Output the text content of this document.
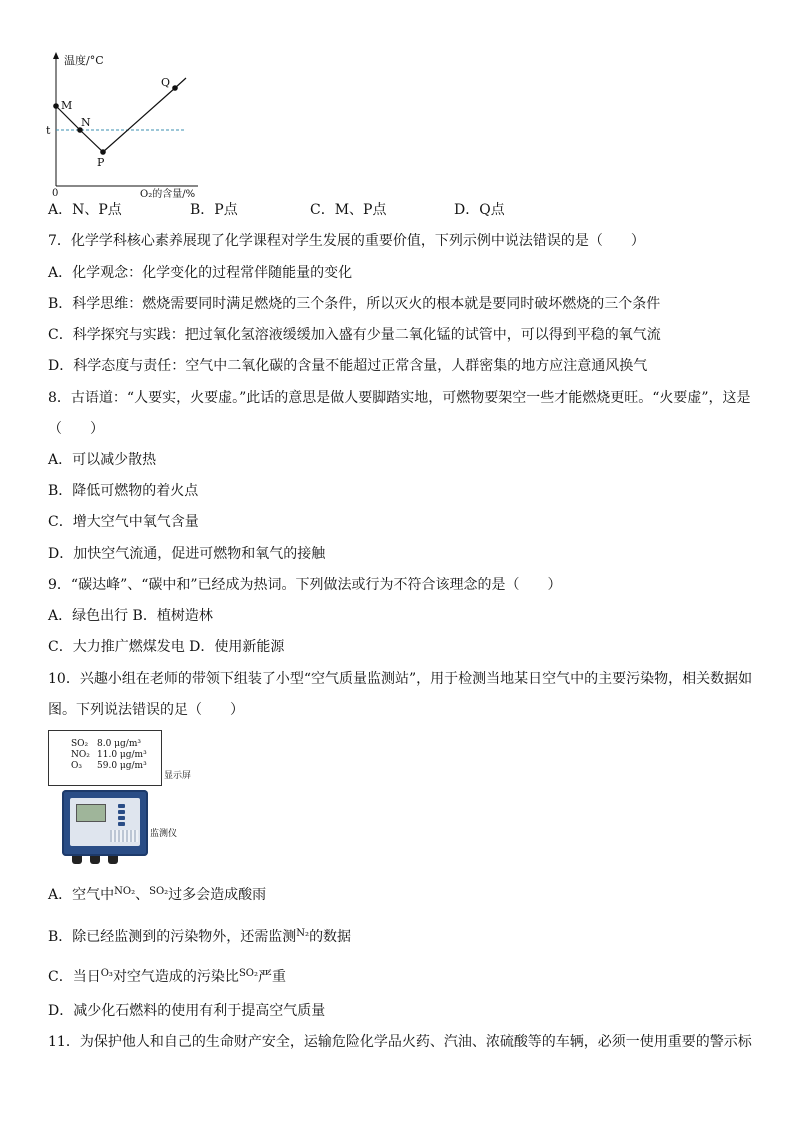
温度/°C
O₂的含量/%
0
t
M
N
P
Q
A．N、P点	B．P点	C．M、P点	D．Q点
7．化学学科核心素养展现了化学课程对学生发展的重要价值，下列示例中说法错误的是（　　）
A．化学观念：化学变化的过程常伴随能量的变化
B．科学思维：燃烧需要同时满足燃烧的三个条件，所以灭火的根本就是要同时破坏燃烧的三个条件
C．科学探究与实践：把过氧化氢溶液缓缓加入盛有少量二氧化锰的试管中，可以得到平稳的氧气流
D．科学态度与责任：空气中二氧化碳的含量不能超过正常含量，人群密集的地方应注意通风换气
8．古语道：“人要实，火要虚。”此话的意思是做人要脚踏实地，可燃物要架空一些才能燃烧更旺。“火要虚”，这是
（　　）
A．可以减少散热
B．降低可燃物的着火点
C．增大空气中氧气含量
D．加快空气流通，促进可燃物和氧气的接触
9．“碳达峰”、“碳中和”已经成为热词。下列做法或行为不符合该理念的是（　　）
A．绿色出行 B．植树造林
C．大力推广燃煤发电 D．使用新能源
10．兴趣小组在老师的带领下组装了小型“空气质量监测站”，用于检测当地某日空气中的主要污染物，相关数据如
图。下列说法错误的足（　　）
SO₂ 8.0 μg/m³
NO₂ 11.0 μg/m³
O₃ 59.0 μg/m³
显示屏
监测仪
A．空气中NO₂、SO₂过多会造成酸雨
B．除已经监测到的污染物外，还需监测N₂的数据
C．当日O₃对空气造成的污染比SO₂严重
D．减少化石燃料的使用有利于提高空气质量
11．为保护他人和自己的生命财产安全，运输危险化学品火药、汽油、浓硫酸等的车辆，必须一使用重要的警示标
